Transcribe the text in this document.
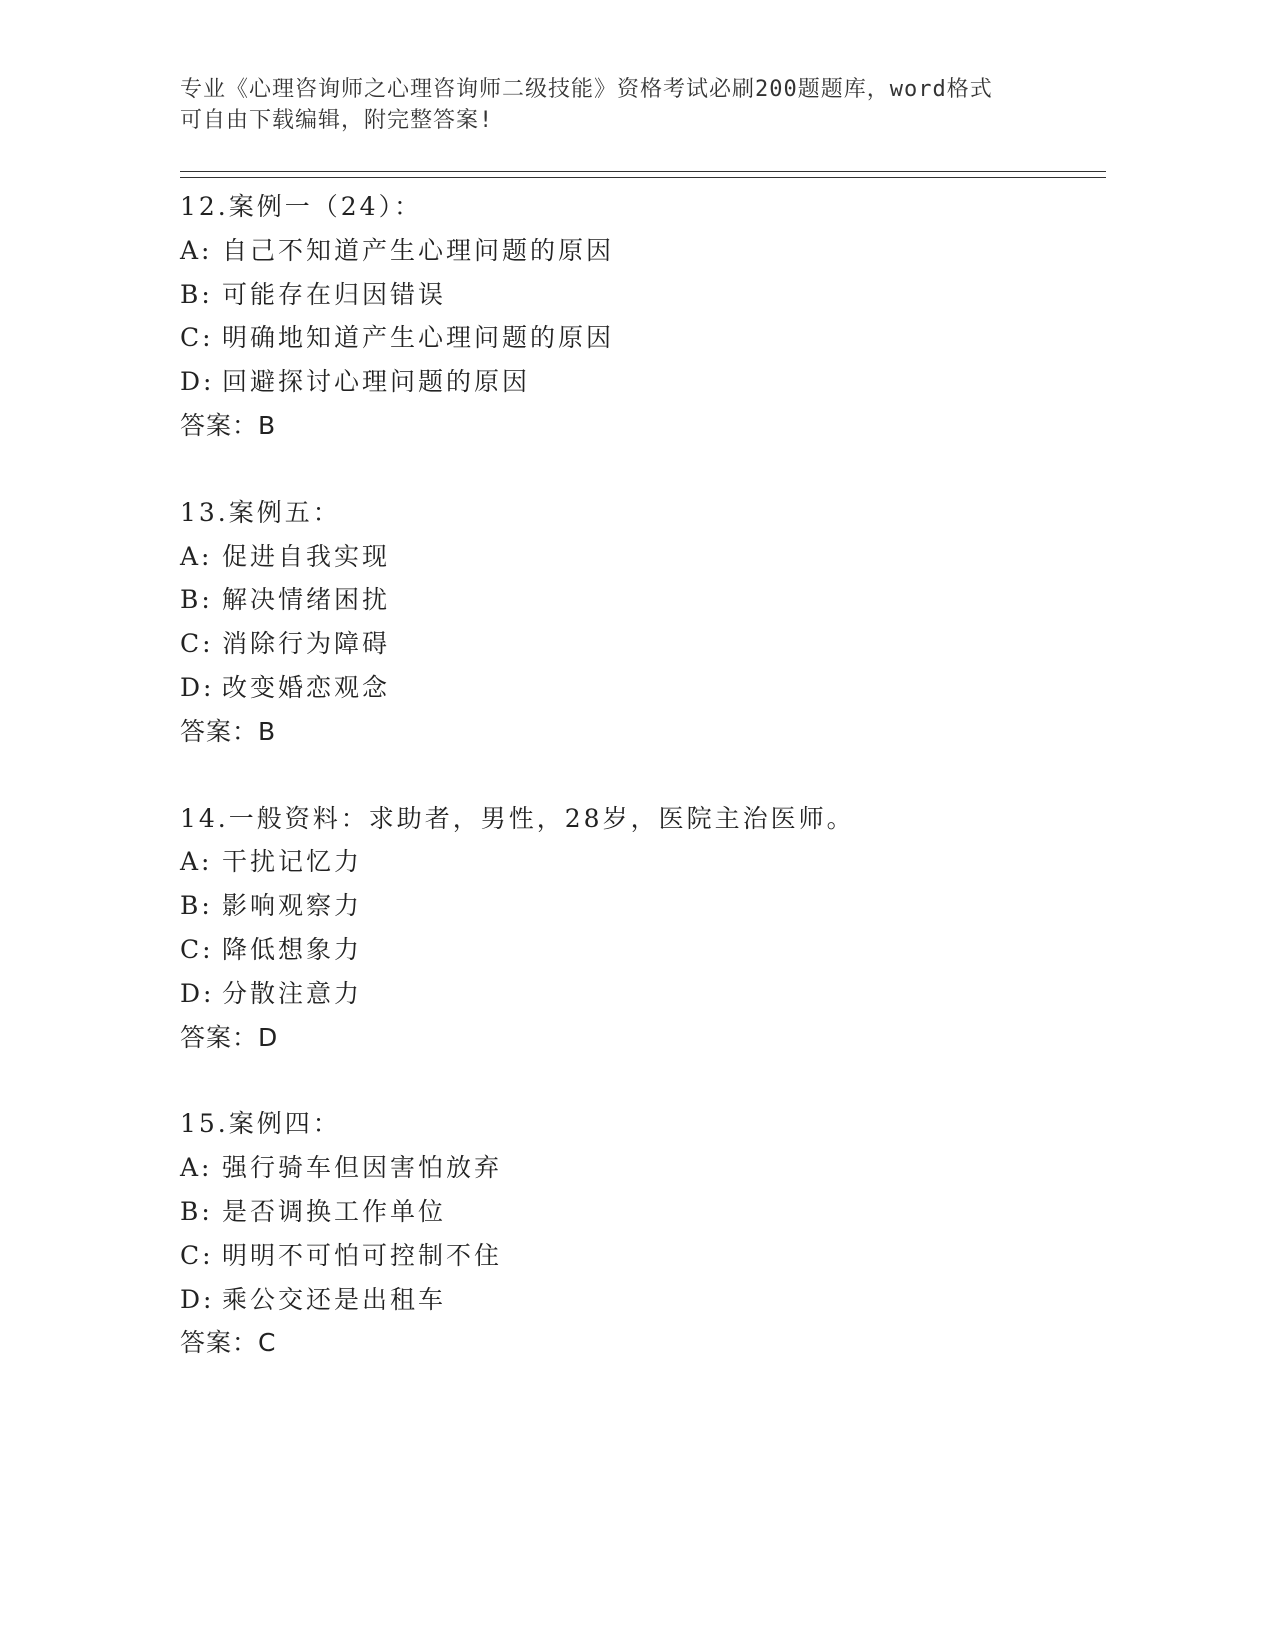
专业《心理咨询师之心理咨询师二级技能》资格考试必刷200题题库，word格式
可自由下载编辑，附完整答案!
12.案例一（24）：
A: 自己不知道产生心理问题的原因
B: 可能存在归因错误
C: 明确地知道产生心理问题的原因
D: 回避探讨心理问题的原因
答案：B
13.案例五：
A: 促进自我实现
B: 解决情绪困扰
C: 消除行为障碍
D: 改变婚恋观念
答案：B
14.一般资料：求助者，男性，28岁，医院主治医师。
A: 干扰记忆力
B: 影响观察力
C: 降低想象力
D: 分散注意力
答案：D
15.案例四：
A: 强行骑车但因害怕放弃
B: 是否调换工作单位
C: 明明不可怕可控制不住
D: 乘公交还是出租车
答案：C
